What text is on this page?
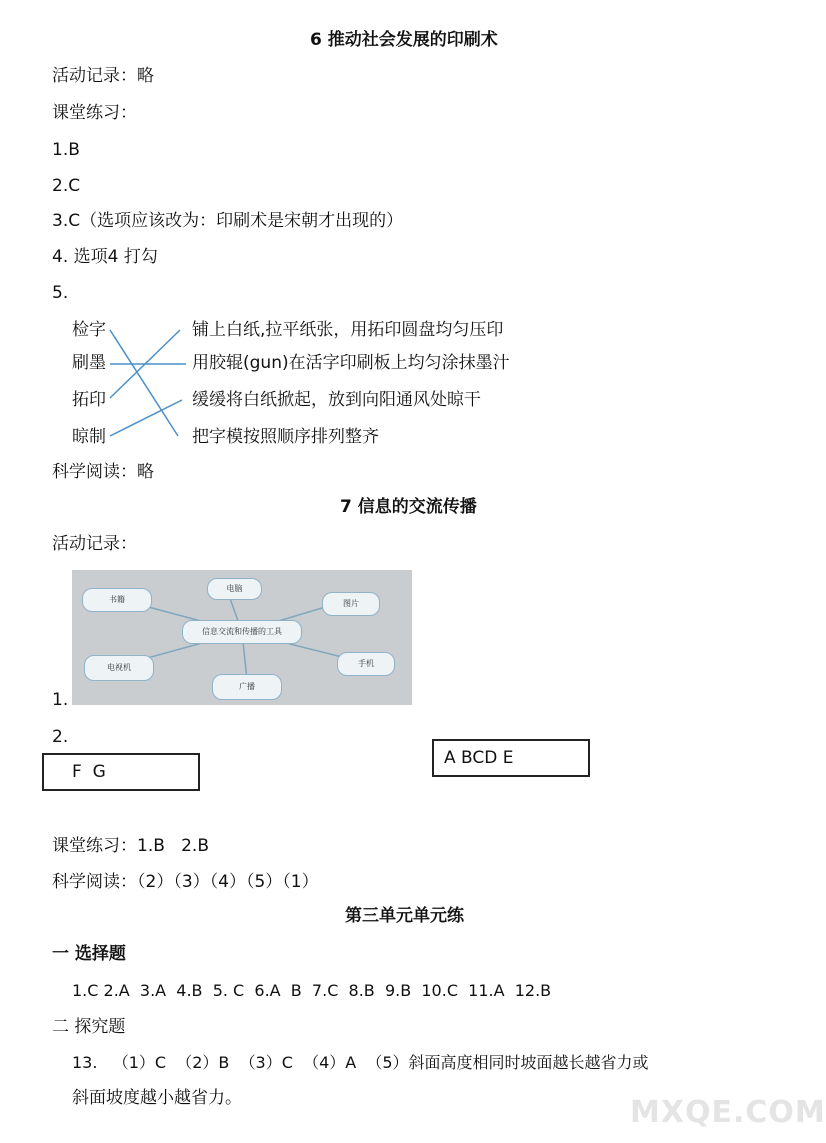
6 推动社会发展的印刷术
活动记录：略
课堂练习：
1.B
2.C
3.C（选项应该改为：印刷术是宋朝才出现的）
4. 选项4 打勾
5.
检字
刷墨
拓印
晾制
铺上白纸,拉平纸张，用拓印圆盘均匀压印
用胶辊(gun)在活字印刷板上均匀涂抹墨汁
缓缓将白纸掀起，放到向阳通风处晾干
把字模按照顺序排列整齐
科学阅读：略
7 信息的交流传播
活动记录：
1.
信息交流和传播的工具
书籍
电脑
图片
手机
广播
电视机
2.
F  G
A BCD E
课堂练习：1.B   2.B
科学阅读：（2）（3）（4）（5）（1）
第三单元单元练
一 选择题
1.C 2.A  3.A  4.B  5. C  6.A  B  7.C  8.B  9.B  10.C  11.A  12.B
二 探究题
13.   （1）C  （2）B  （3）C  （4）A  （5）斜面高度相同时坡面越长越省力或
斜面坡度越小越省力。	MXQE.COM
